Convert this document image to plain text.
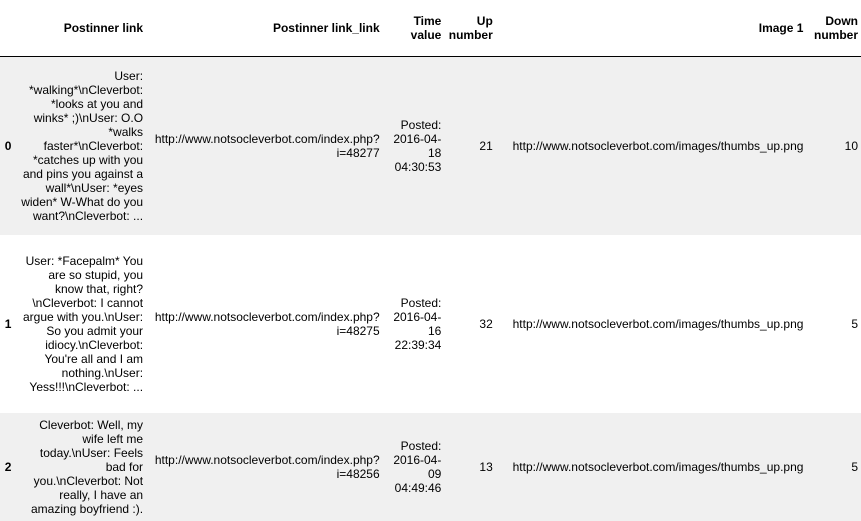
	Postinner link	Postinner link_link	Time value	Up number	Image 1	Down number
0	User: *walking*\nCleverbot: *looks at you and winks* ;)\nUser: O.O *walks faster*\nCleverbot: *catches up with you and pins you against a wall*\nUser: *eyes widen* W-What do you want?\nCleverbot: ...	http://www.notsocleverbot.com/index.php?i=48277	Posted: 2016-04-18 04:30:53	21	http://www.notsocleverbot.com/images/thumbs_up.png	10
1	User: *Facepalm* You are so stupid, you know that, right?\nCleverbot: I cannot argue with you.\nUser: So you admit your idiocy.\nCleverbot: You're all and I am nothing.\nUser: Yess!!!\nCleverbot: ...	http://www.notsocleverbot.com/index.php?i=48275	Posted: 2016-04-16 22:39:34	32	http://www.notsocleverbot.com/images/thumbs_up.png	5
2	Cleverbot: Well, my wife left me today.\nUser: Feels bad for you.\nCleverbot: Not really, I have an amazing boyfriend :).	http://www.notsocleverbot.com/index.php?i=48256	Posted: 2016-04-09 04:49:46	13	http://www.notsocleverbot.com/images/thumbs_up.png	5
